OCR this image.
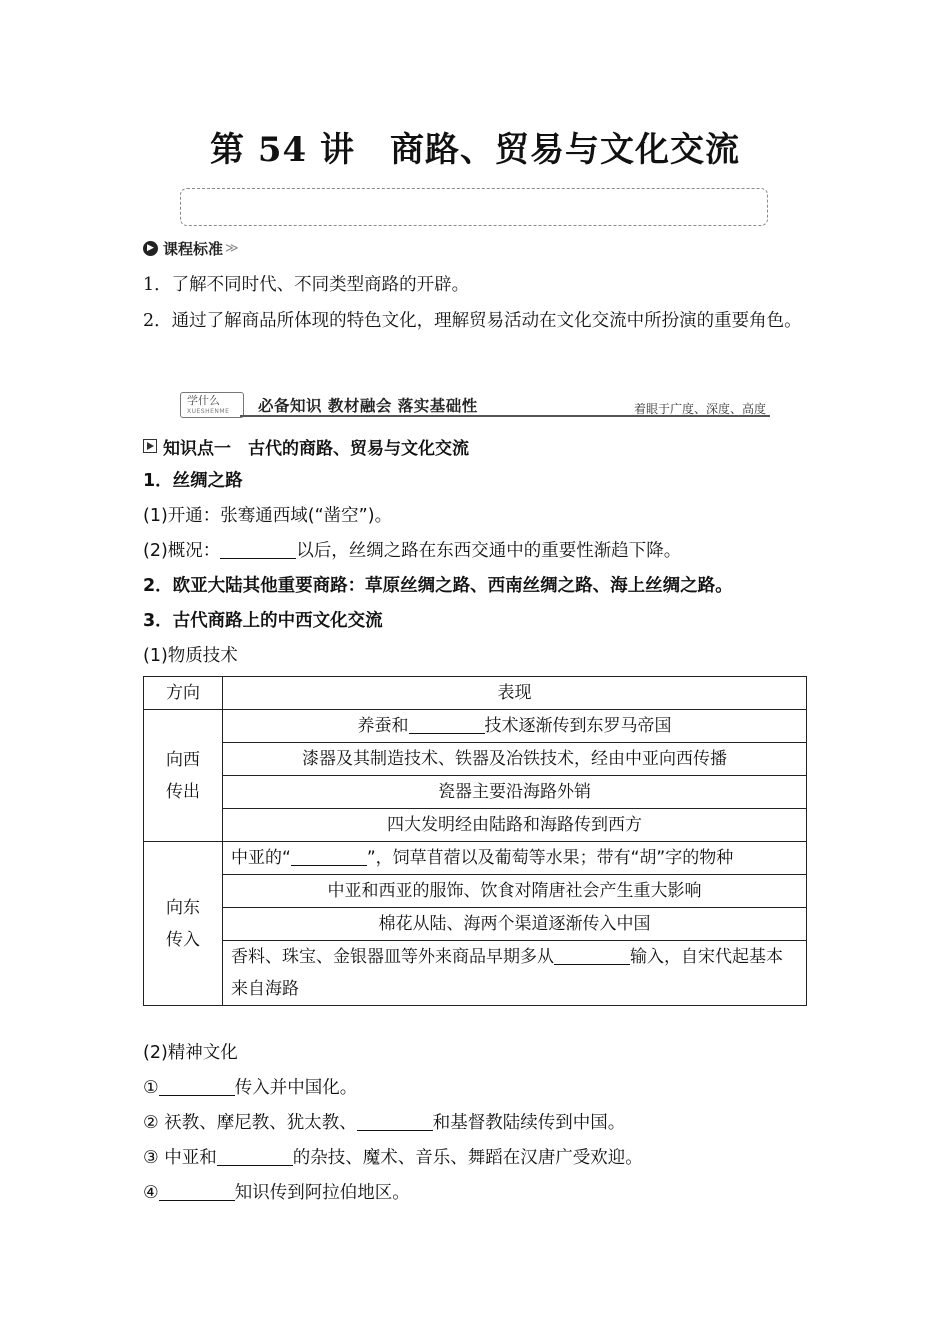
第 54 讲　商路、贸易与文化交流
▶ 课程标准 ≫
1．了解不同时代、不同类型商路的开辟。
2．通过了解商品所体现的特色文化，理解贸易活动在文化交流中所扮演的重要角色。
学什么
XUESHENME	必备知识 教材融会 落实基础性	着眼于广度、深度、高度
知识点一　古代的商路、贸易与文化交流
1．丝绸之路
(1)开通：张骞通西域(“凿空”)。
(2)概况：	以后，丝绸之路在东西交通中的重要性渐趋下降。
2．欧亚大陆其他重要商路：草原丝绸之路、西南丝绸之路、海上丝绸之路。
3．古代商路上的中西文化交流
(1)物质技术
方向	表现
向西
传出	养蚕和 技术逐渐传到东罗马帝国
	漆器及其制造技术、铁器及冶铁技术，经由中亚向西传播
	瓷器主要沿海路外销
	四大发明经由陆路和海路传到西方
向东
传入	中亚的“ ”，饲草苜蓿以及葡萄等水果；带有“胡”字的物种
	中亚和西亚的服饰、饮食对隋唐社会产生重大影响
	棉花从陆、海两个渠道逐渐传入中国
	香料、珠宝、金银器皿等外来商品早期多从 输入，自宋代起基本来自海路
(2)精神文化
①	传入并中国化。
② 祆教、摩尼教、犹太教、	和基督教陆续传到中国。
③ 中亚和	的杂技、魔术、音乐、舞蹈在汉唐广受欢迎。
④	知识传到阿拉伯地区。
